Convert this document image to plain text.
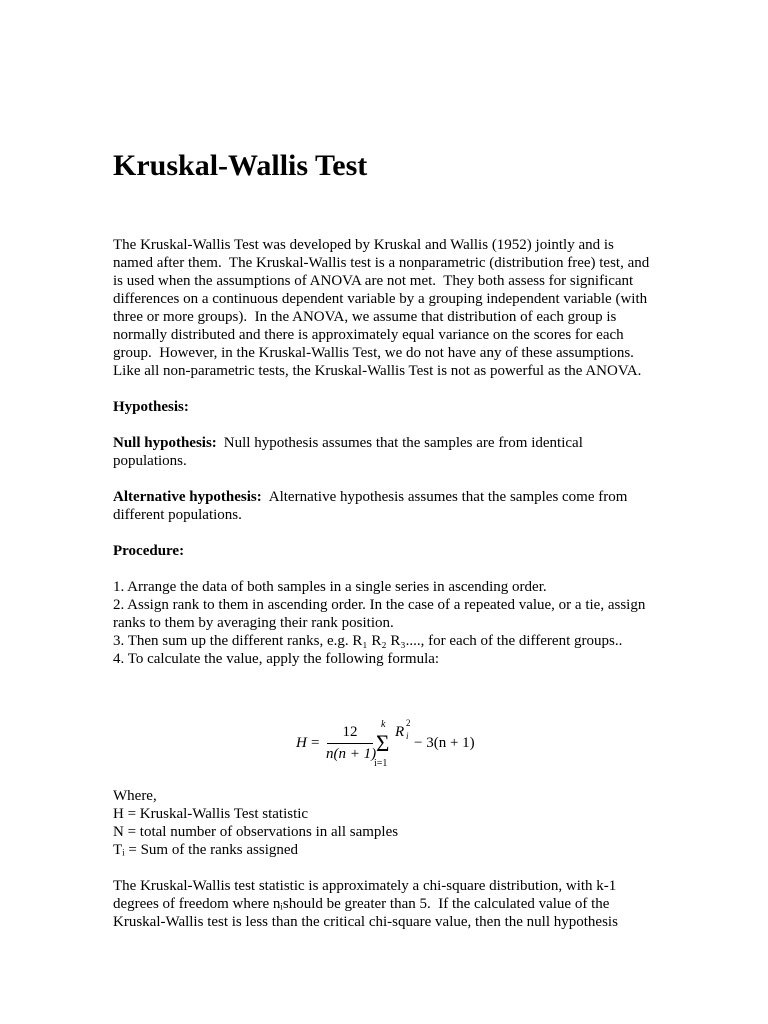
Kruskal-Wallis Test
The Kruskal-Wallis Test was developed by Kruskal and Wallis (1952) jointly and is
named after them.  The Kruskal-Wallis test is a nonparametric (distribution free) test, and
is used when the assumptions of ANOVA are not met.  They both assess for significant
differences on a continuous dependent variable by a grouping independent variable (with
three or more groups).  In the ANOVA, we assume that distribution of each group is
normally distributed and there is approximately equal variance on the scores for each
group.  However, in the Kruskal-Wallis Test, we do not have any of these assumptions.
Like all non-parametric tests, the Kruskal-Wallis Test is not as powerful as the ANOVA.
Hypothesis:
Null hypothesis: Null hypothesis assumes that the samples are from identical
populations.
Alternative hypothesis: Alternative hypothesis assumes that the samples come from
different populations.
Procedure:
1. Arrange the data of both samples in a single series in ascending order.
2. Assign rank to them in ascending order. In the case of a repeated value, or a tie, assign
ranks to them by averaging their rank position.
3. Then sum up the different ranks, e.g. R₁ R₂ R₃...., for each of the different groups..
4. To calculate the value, apply the following formula:
H =
12
n(n + 1)
k
Σ
i=1
R
2
i − 3(n + 1)
Where,
H = Kruskal-Wallis Test statistic
N = total number of observations in all samples
Tᵢ = Sum of the ranks assigned
The Kruskal-Wallis test statistic is approximately a chi-square distribution, with k-1
degrees of freedom where nᵢshould be greater than 5.  If the calculated value of the
Kruskal-Wallis test is less than the critical chi-square value, then the null hypothesis
